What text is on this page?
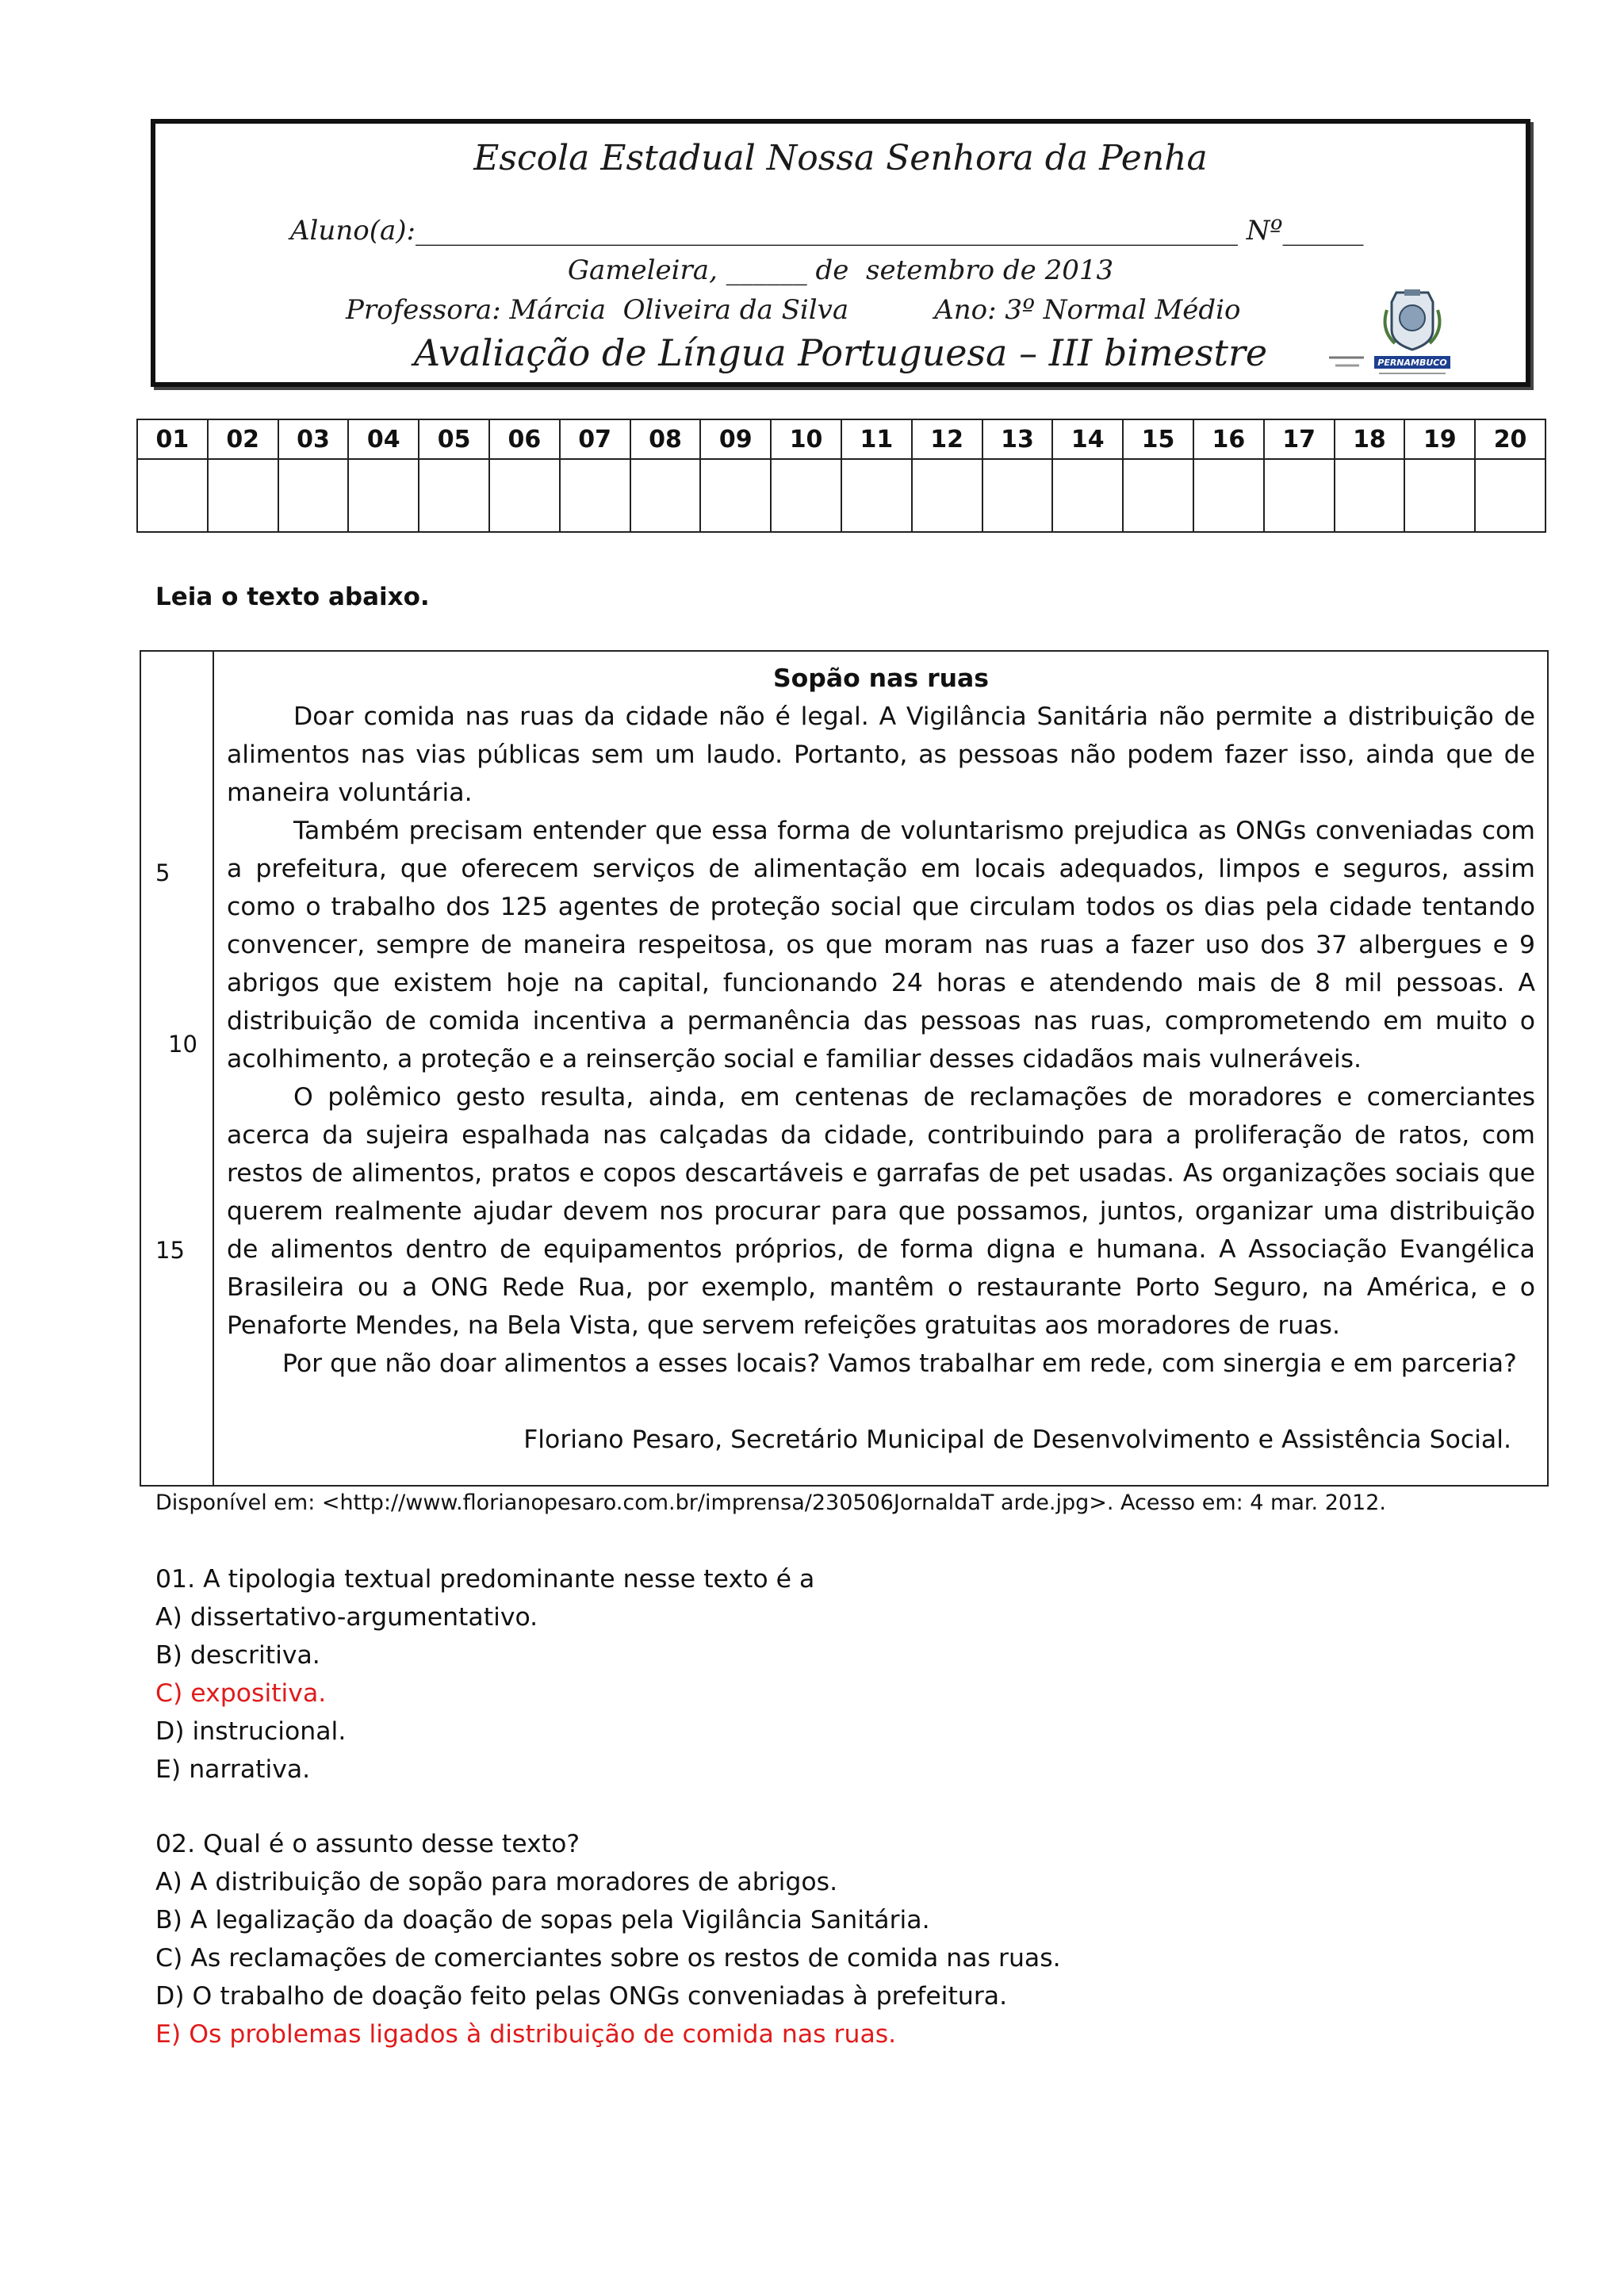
Escola Estadual Nossa Senhora da Penha
Aluno(a):_____________________________________________________________ Nº______
Gameleira, ______ de  setembro de 2013
Professora: Márcia  Oliveira da Silva          Ano: 3º Normal Médio
Avaliação de Língua Portuguesa – III bimestre	PERNAMBUCO
01	02	03	04	05	06	07	08	09	10	11	12	13	14	15	16	17	18	19	20

Leia o texto abaixo.
5
10
15
Sopão nas ruas

Doar comida nas ruas da cidade não é legal. A Vigilância Sanitária não permite a distribuição de alimentos nas vias públicas sem um laudo. Portanto, as pessoas não podem fazer isso, ainda que de maneira voluntária.

Também precisam entender que essa forma de voluntarismo prejudica as ONGs conveniadas com a prefeitura, que oferecem serviços de alimentação em locais adequados, limpos e seguros, assim como o trabalho dos 125 agentes de proteção social que circulam todos os dias pela cidade tentando convencer, sempre de maneira respeitosa, os que moram nas ruas a fazer uso dos 37 albergues e 9 abrigos que existem hoje na capital, funcionando 24 horas e atendendo mais de 8 mil pessoas. A distribuição de comida incentiva a permanência das pessoas nas ruas, comprometendo em muito o acolhimento, a proteção e a reinserção social e familiar desses cidadãos mais vulneráveis.

O polêmico gesto resulta, ainda, em centenas de reclamações de moradores e comerciantes acerca da sujeira espalhada nas calçadas da cidade, contribuindo para a proliferação de ratos, com restos de alimentos, pratos e copos descartáveis e garrafas de pet usadas. As organizações sociais que querem realmente ajudar devem nos procurar para que possamos, juntos, organizar uma distribuição de alimentos dentro de equipamentos próprios, de forma digna e humana. A Associação Evangélica Brasileira ou a ONG Rede Rua, por exemplo, mantêm o restaurante Porto Seguro, na América, e o Penaforte Mendes, na Bela Vista, que servem refeições gratuitas aos moradores de ruas.

Por que não doar alimentos a esses locais? Vamos trabalhar em rede, com sinergia e em parceria?

Floriano Pesaro, Secretário Municipal de Desenvolvimento e Assistência Social.
Disponível em: <http://www.florianopesaro.com.br/imprensa/230506JornaldaT arde.jpg>. Acesso em: 4 mar. 2012.

01. A tipologia textual predominante nesse texto é a

A) dissertativo-argumentativo.

B) descritiva.

C) expositiva.

D) instrucional.

E) narrativa.

02. Qual é o assunto desse texto?

A) A distribuição de sopão para moradores de abrigos.

B) A legalização da doação de sopas pela Vigilância Sanitária.

C) As reclamações de comerciantes sobre os restos de comida nas ruas.

D) O trabalho de doação feito pelas ONGs conveniadas à prefeitura.

E) Os problemas ligados à distribuição de comida nas ruas.
